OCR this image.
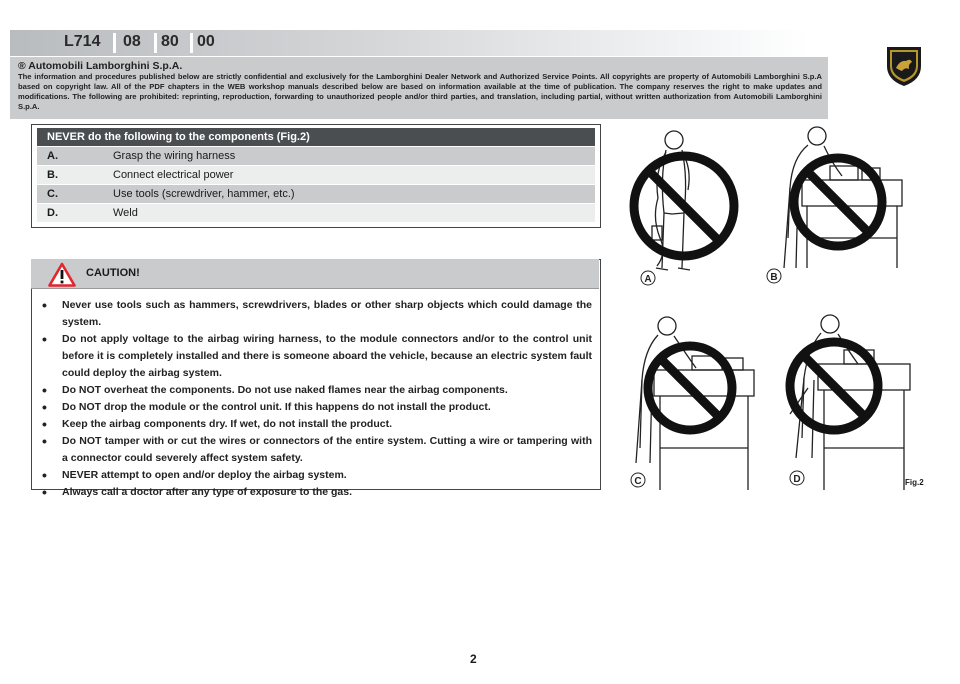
L714 08 80 00
® Automobili Lamborghini S.p.A.
The information and procedures published below are strictly confidential and exclusively for the Lamborghini Dealer Network and Authorized Service Points. All copyrights are property of Automobili Lamborghini S.p.A based on copyright law. All of the PDF chapters in the WEB workshop manuals described below are based on information available at the time of publication. The company reserves the right to make updates and modifications. The following are prohibited: reprinting, reproduction, forwarding to unauthorized people and/or third parties, and translation, including partial, without written authorization from Automobili Lamborghini S.p.A.
NEVER do the following to the components (Fig.2)
A.	Grasp the wiring harness
B.	Connect electrical power
C.	Use tools (screwdriver, hammer, etc.)
D.	Weld
CAUTION!
• Never use tools such as hammers, screwdrivers, blades or other sharp objects which could damage the system.
• Do not apply voltage to the airbag wiring harness, to the module connectors and/or to the control unit before it is completely installed and there is someone aboard the vehicle, because an electric system fault could deploy the airbag system.
• Do NOT overheat the components. Do not use naked flames near the airbag components.
• Do NOT drop the module or the control unit. If this happens do not install the product.
• Keep the airbag components dry. If wet, do not install the product.
• Do NOT tamper with or cut the wires or connectors of the entire system. Cutting a wire or tampering with a connector could severely affect system safety.
• NEVER attempt to open and/or deploy the airbag system.
• Always call a doctor after any type of exposure to the gas.
A	B
C	D	Fig.2
2
